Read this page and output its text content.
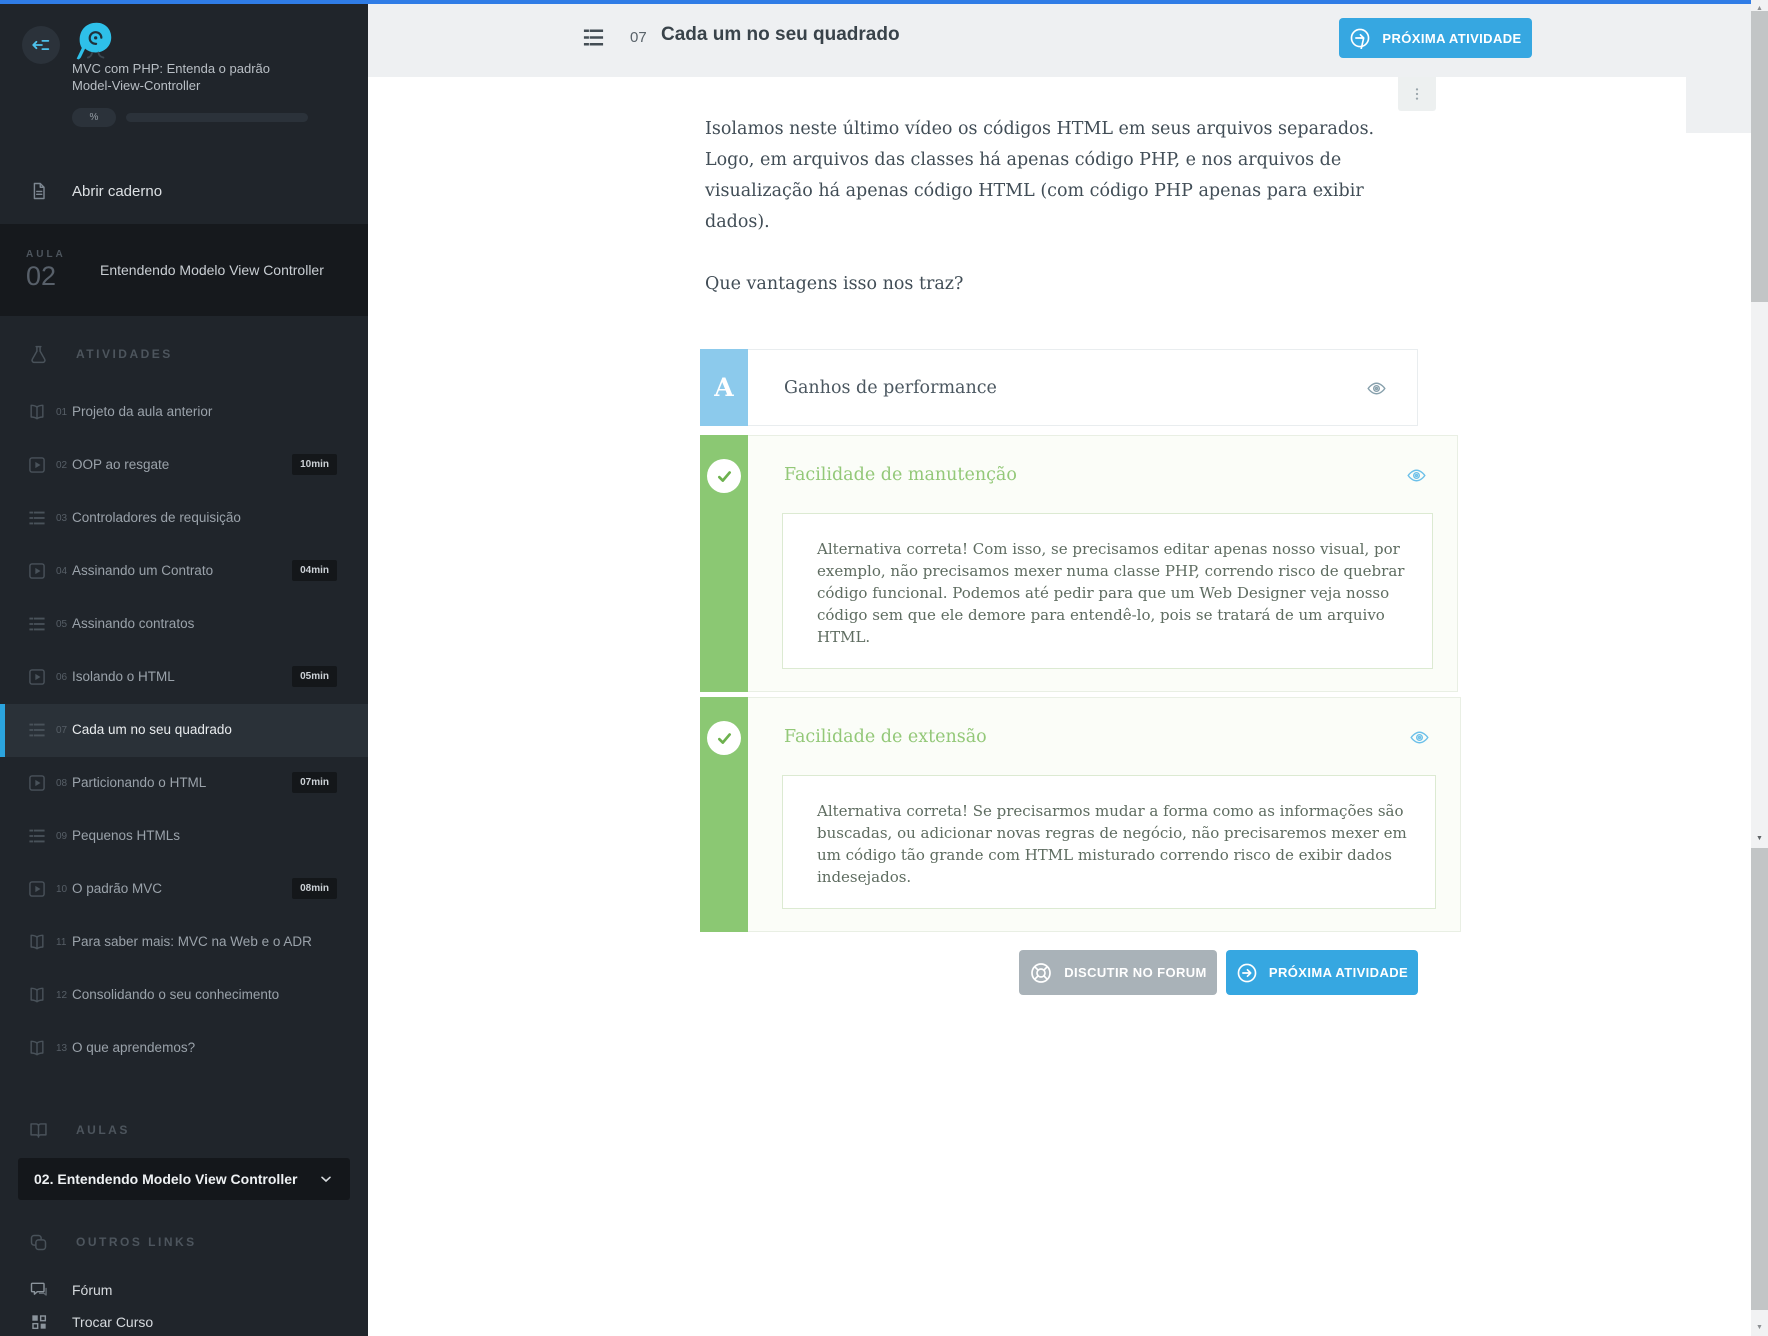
MVC com PHP: Entenda o padrão
Model-View-Controller
%
Abrir caderno
AULA
02	Entendendo Modelo View Controller
ATIVIDADES
01 Projeto da aula anterior
02 OOP ao resgate	10min
03 Controladores de requisição
04 Assinando um Contrato	04min
05 Assinando contratos
06 Isolando o HTML	05min
07 Cada um no seu quadrado
08 Particionando o HTML	07min
09 Pequenos HTMLs
10 O padrão MVC	08min
11 Para saber mais: MVC na Web e o ADR
12 Consolidando o seu conhecimento
13 O que aprendemos?
AULAS
02. Entendendo Modelo View Controller
OUTROS LINKS
Fórum
Trocar Curso
07 Cada um no seu quadrado	PRÓXIMA ATIVIDADE
Isolamos neste último vídeo os códigos HTML em seus arquivos separados.
Logo, em arquivos das classes há apenas código PHP, e nos arquivos de
visualização há apenas código HTML (com código PHP apenas para exibir
dados).
Que vantagens isso nos traz?
A	Ganhos de performance
Facilidade de manutenção
Alternativa correta! Com isso, se precisamos editar apenas nosso visual, por
exemplo, não precisamos mexer numa classe PHP, correndo risco de quebrar
código funcional. Podemos até pedir para que um Web Designer veja nosso
código sem que ele demore para entendê-lo, pois se tratará de um arquivo
HTML.
Facilidade de extensão
Alternativa correta! Se precisarmos mudar a forma como as informações são
buscadas, ou adicionar novas regras de negócio, não precisaremos mexer em
um código tão grande com HTML misturado correndo risco de exibir dados
indesejados.
DISCUTIR NO FORUM	PRÓXIMA ATIVIDADE
▲
▼
▼
